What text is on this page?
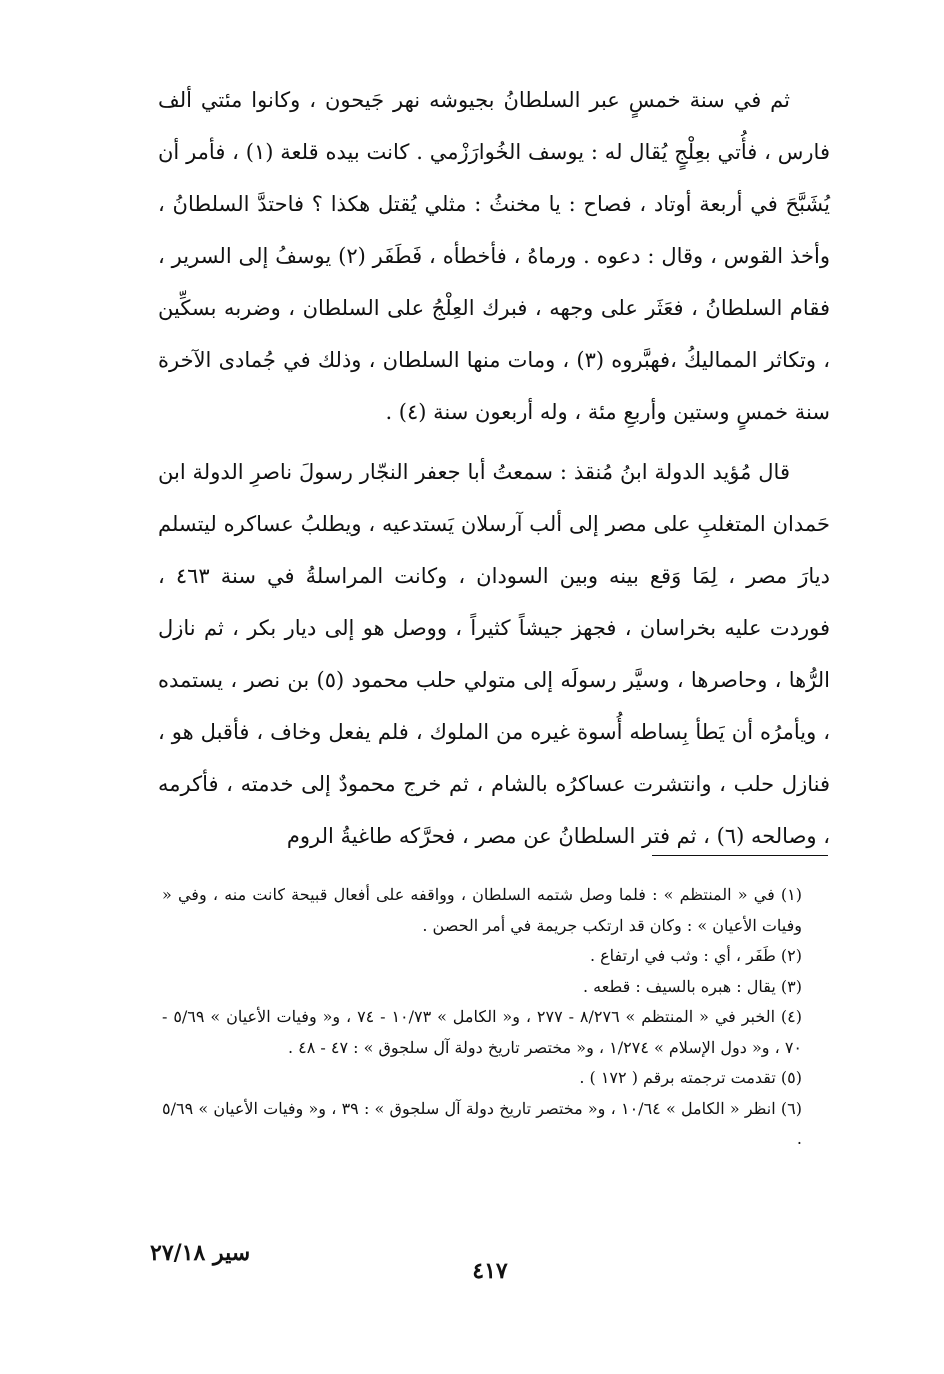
ثم في سنة خمسٍ عبر السلطانُ بجيوشه نهر جَيحون ، وكانوا مئتي ألف فارس ، فأُتي بعِلْجٍ يُقال له : يوسف الخُوارَزْمي . كانت بيده قلعة (١) ، فأمر أن يُشَبَّحَ في أربعة أوتاد ، فصاح : يا مخنثُ : مثلي يُقتل هكذا ؟ فاحتدَّ السلطانُ ، وأخذ القوس ، وقال : دعوه . ورماهُ ، فأخطأه ، فَطَفَر (٢) يوسفُ إلى السرير ، فقام السلطانُ ، فعَثَر على وجهه ، فبرك العِلْجُ على السلطان ، وضربه بسكِّين ، وتكاثر المماليكُ ،فهبَّروه (٣) ، ومات منها السلطان ، وذلك في جُمادى الآخرة سنة خمسٍ وستين وأربعِ مئة ، وله أربعون سنة (٤) .

قال مُؤيد الدولة ابنُ مُنقذ : سمعتُ أبا جعفر النجّار رسولَ ناصرِ الدولة ابن حَمدان المتغلبِ على مصر إلى ألب آرسلان يَستدعيه ، ويطلبُ عساكره ليتسلم ديارَ مصر ، لِمَا وَقع بينه وبين السودان ، وكانت المراسلةُ في سنة ٤٦٣ ، فوردت عليه بخراسان ، فجهز جيشاً كثيراً ، ووصل هو إلى ديار بكر ، ثم نازل الرُّها ، وحاصرها ، وسيَّر رسولَه إلى متولي حلب محمود (٥) بن نصر ، يستمده ، ويأمرُه أن يَطأ بِساطه أُسوة غيره من الملوك ، فلم يفعل وخاف ، فأقبل هو ، فنازل حلب ، وانتشرت عساكرُه بالشام ، ثم خرج محمودٌ إلى خدمته ، فأكرمه ، وصالحه (٦) ، ثم فتر السلطانُ عن مصر ، فحرَّكه طاغيةُ الروم

(١) في « المنتظم » : فلما وصل شتمه السلطان ، وواقفه على أفعال قبيحة كانت منه ، وفي « وفيات الأعيان » : وكان قد ارتكب جريمة في أمر الحصن .

(٢) طَفَر ، أي : وثب في ارتفاع .

(٣) يقال : هبره بالسيف : قطعه .

(٤) الخبر في « المنتظم » ٨/٢٧٦ - ٢٧٧ ، و« الكامل » ١٠/٧٣ - ٧٤ ، و« وفيات الأعيان » ٥/٦٩ - ٧٠ ، و« دول الإسلام » ١/٢٧٤ ، و« مختصر تاريخ دولة آل سلجوق » : ٤٧ - ٤٨ .

(٥) تقدمت ترجمته برقم ( ١٧٢ ) .

(٦) انظر « الكامل » ١٠/٦٤ ، و« مختصر تاريخ دولة آل سلجوق » : ٣٩ ، و« وفيات الأعيان » ٥/٦٩ .

٤١٧
سير ٢٧/١٨
